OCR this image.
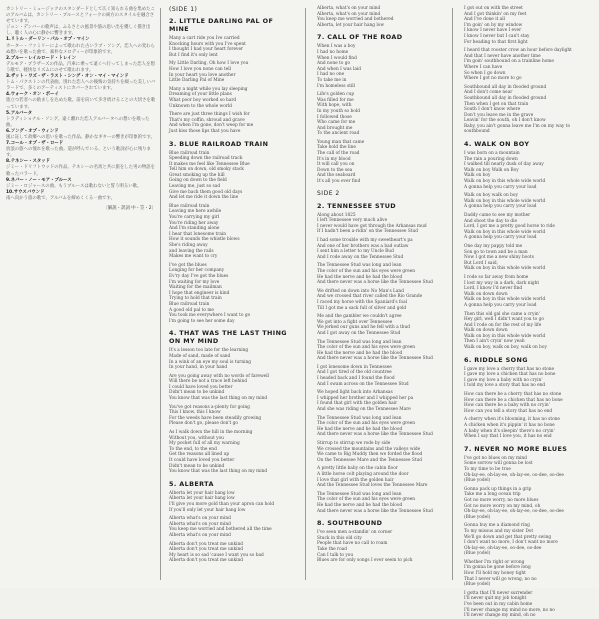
カントリー・ミュージックのスタンダードとして広く知られる曲を集めたこのアルバムは、カントリー・ブルースとフォークの両方のスタイルを融合させています。

ジョン・デンバーの歌声は、ふるさとの風景や旅の思い出を優しく描き出し、聴く人の心に静かに響きます。

1.リトル・ダーリン・パル・オブ・マイン

カーター・ファミリーによって歌われた古いラブ・ソング。恋人への変わらぬ想いを歌った曲で、素朴なメロディーが印象的です。

2.ブルー・レイルロード・トレイン

デルモア・ブラザーズの作品。汽車に乗って遠くへ行ってしまった恋人を想う歌で、軽快なリズムにのせて歌われます。

3.ザット・ワズ・ザ・ラスト・シング・オン・マイ・マインド

トム・パクストンの代表曲。別れた恋人への後悔の気持ちを綴った美しいバラードで、多くのアーティストにカバーされています。

4.ウォーク・オン・ボーイ

旅立つ若者への励ましを込めた歌。前を向いて歩き続けることの大切さを歌っています。

5.アルバータ

トラディショナル・ソング。遠く離れた恋人アルバータへの想いを歌った曲。

6.ソング・オブ・ウィンド

風に託して故郷への思いを歌った作品。静かなギターの響きが印象的です。

7.コール・オブ・ザ・ロード

放浪の旅への憧れを歌った曲。道が呼んでいる、という歌詞が心に残ります。

8.テネシー・スタッド

ジミー・ドリフトウッドの作品。テネシーの名馬と共に旅をした男の物語を歌ったバラード。

9.ネバー・ノー・モア・ブルース

ジミー・ロジャースの曲。もうブルースは歌わないと誓う明るい歌。

10.サウスバウンド

南へ向かう旅の歌で、アルバムを締めくくる一曲です。

〔解説・訳詞 中・笠・2〕

(SIDE 1)
2. LITTLE DARLING PAL OF MINE
Many a cart ride you Ive carried
Knocking hours with you I've spent
I thought I had your heart forever
But I find it's only lent
My Little Darling, Oh how I love you
How I love you none can tell
In your heart you love another
Little Darling Pal of Mine
Many a night while you lay sleeping
Dreaming of your little plans
What poor boy worked so hard
Unknown to the whole world
There are just three things I wish for
That's my coffin, shroud and grave
And when I'm gone, don't weep for me
Just kiss those lips that you have
3. BLUE RAILROAD TRAIN
Blue railroad train
Speeding down the railroad track
It makes me feel like Tennessee Blue
Tell him on down, old smoky stack
Great smoking up the hill
Going on down to the field
Leaving me, just so sad
Give me back them good old days
And let me ride it down the line
Blue railroad train
Leaving me here awhile
You're carrying my girl
You're riding her away
And I'm standing alone
I hear that lonesome train
How it sounds the whistle blows
She's riding away
and leaving the rails
Makes me want to cry
I've got the blues
Longing for her company
Ev'ry day I've got the blues
I'm waiting for my love
Waiting for the mailman
I hope that engineer is kind
Trying to hold that train
Blue railroad train
A good old pal to me
You took me everywhere I want to go
I'm going to see her some day
4. THAT WAS THE LAST THING ON MY MIND
It's a lesson too late for the learning
Made of sand, made of sand
In a wink of an eye my soul is turning
In your hand, in your hand
Are you going away with no words of farewell
Will there be not a trace left behind
I could have loved you better
Didn't mean to be unkind
You know that was the last thing on my mind
You've got reasons a-plenty for going
This I know, this I know
For the weeds have been steadily growing
Please don't go, please don't go
As I walk down the hill in the morning
Without you, without you
My pocket full of all my warning
To the end, to the end
Get the reasons all lined up
It could have loved you better
Didn't mean to be unkind
You know that was the last thing on my mind
5. ALBERTA
Alberta let your hair hang low
Alberta let your hair hang low
I'll give you more gold than your apron can hold
If you'll only let your hair hang low
Alberta what's on your mind
Alberta what's on your mind
You keep me worried and bothered all the time
Alberta what's on your mind
Alberta don't you treat me unkind
Alberta don't you treat me unkind
My heart is so sad 'cause I want you so bad
Alberta don't you treat me unkind
Alberta, what's on your mind
Alberta, what's on your mind
You keep me worried and bothered
Alberta, let your hair hang low
7. CALL OF THE ROAD
When I was a boy
I had no home
When I would find
And none to go
And when I was laid
I had no one
To take me in
I'm homeless still
Life's golden cup
Was filled for me
With hope, with
In my youth so bold
I followed those
Who came for me
And brought me
To the ancient road
Young man that came
Take hold the line
The call of the road
It's in my blood
It will call you on
Down to the sea
And the seaboard
It's all you ever find
SIDE 2
2. TENNESSEE STUD
Along about 1825
I left Tennessee very much alive
I never would have got through the Arkansas mud
If I hadn't been a-ridin' on the Tennessee Stud
I had some trouble with my sweetheart's pa
And one of her brothers was a bad outlaw
I sent him a letter to my Uncle Bud
And I rode away on the Tennessee Stud
The Tennessee Stud was long and lean
The color of the sun and his eyes were green
He had the nerve and he had the blood
And there never was a horse like the Tennessee Stud
We drifted on down into No Man's Land
And we crossed that river called the Rio Grande
I raced my horse with the Spaniard's foal
Till I got me a sack full of silver and gold
Me and the gambler we couldn't agree
We got into a fight over Tennessee
We jerked our guns and he fell with a thud
And I got away on the Tennessee Stud
The Tennessee Stud was long and lean
The color of the sun and his eyes were green
He had the nerve and he had the blood
And there never was a horse like the Tennessee Stud
I got lonesome down in Tennessee
And I got tired of the old countree
I headed back and I found the flood
And I swam across on the Tennessee Stud
We hoped light back into Arkansas
I whipped her brother and I whipped her pa
I found that girl with the golden hair
And she was riding on the Tennessee Mare
The Tennessee Stud was long and lean
The color of the sun and his eyes were green
He had the nerve and he had the blood
And there never was a horse like the Tennessee Stud
Stirrup to stirrup we rode by side
We crossed the mountains and the valleys wide
We came to Big Muddy then we forded the flood
On the Tennessee Mare and the Tennessee Stud
A pretty little baby on the cabin floor
A little horse colt playing around the door
I love that girl with the golden hair
And the Tennessee Stud loves the Tennessee Mare
The Tennessee Stud was long and lean
The color of the sun and his eyes were green
He had the nerve and he had the blood
And there never was a horse like the Tennessee Stud
8. SOUTHBOUND
I've seen men a-standin' on corner
Stuck in this old city
People that have no call to roam
Take the road
Can I talk to you
Blues are for only songs I ever seem to pick
I got out on with the street
And I got thinkin' on my feet
And I've done it all
I'm goin' on by my window
I know I never have I ever
I know I never but I can't stay
For heading to that first light
I heard that rooster crow an hour before daylight
And that I never have another time
I'm goin' southbound on a trainline home
Where I can have
So when I go down
Where I got no more to go
Southbound all day in flooded ground
And I don't come near
Southbound all day in flooded ground
Then when I get on that train
South I don't know where
Don't you leave me in the grave
Leavin' for the south, oh I don't know
Baby, you ain't gonna leave me I'm on my way to southbound
4. WALK ON BOY
I was born on a mountain
The rain a pouring down
I walked till nearly dusk of day away
Walk on boy Walk on Boy
Walk on boy
Walk on boy in this whole wide world
A gonna help you carry your load
Walk on boy walk on boy
Walk on boy in this whole wide world
A gonna help you carry your load
Daddy came to see my mother
And shoot the day to die
Lord, I got me a pretty good horse to ride
Walk on boy in this whole wide world
A gonna help you carry your load
One day my pappy told me
Son go to town and be a man
Now I got me a new shiny boots
But Lord I said,
Walk on boy in this whole wide world
I rode so far away from home
I lost my way in a dark, dark night
Lord, I know I'd never find
Walk on down down
Walk on boy in this whole wide world
A gonna help you carry your load
Then this old gal she came a cryin'
Hey girl, well I didn't want you to go
And I rode on for the rest of my life
Walk on down down
Walk on boy in this whole wide world
Then I ain't cryin' now yeah
Walk on boy, walk on boy, walk on boy
6. RIDDLE SONG
I gave my love a cherry that has no stone
I gave my love a chicken that has no bone
I gave my love a baby with no cryin'
I told my love a story that has no end
How can there be a cherry that has no stone
How can there be a chicken that has no bone
How can there be a baby with no cryin'
How can you tell a story that has no end
A cherry when it's blooming, it has no stone
A chicken when it's pippin' it has no bone
A baby when it's sleepin' there's no cryin'
When I say that I love you, it has no end
7. NEVER NO MORE BLUES
I've got no blues on my mind
Some sorrow will gonna be lost
To my time to be true
Oh-lay-ee, oh-lay-ee, oh-lay-ee, oo-dee, oo-dee
(Blue yodel)
Gonna pack up things in a grip
Take me a long ocean trip
Got no more worry, no more blues
Got no more worry on my mind, oh
Oh-lay-ee, oh-lay-ee, oh-lay-ee, oo-dee, oo-dee
(Blue yodel)
Gonna buy me a diamond ring
To my missus and my sister Dot
We'll go down and get that pretty swing
I don't want no more, I don't want no more
Oh-lay-ee, oh-lay-ee, oo-dee, oo-dee
(Blue yodel)
Whether I'm right or wrong
I'm gonna be gone before long
How I'll hold my honey tight
That I never will go wrong, no no
(Blue yodel)
I gotta that I'll never surrender
I'll never quit my job tonight
I've been out in my cabin home
I'll never change my mind no more, no no
I'll never change my mind, oh no
